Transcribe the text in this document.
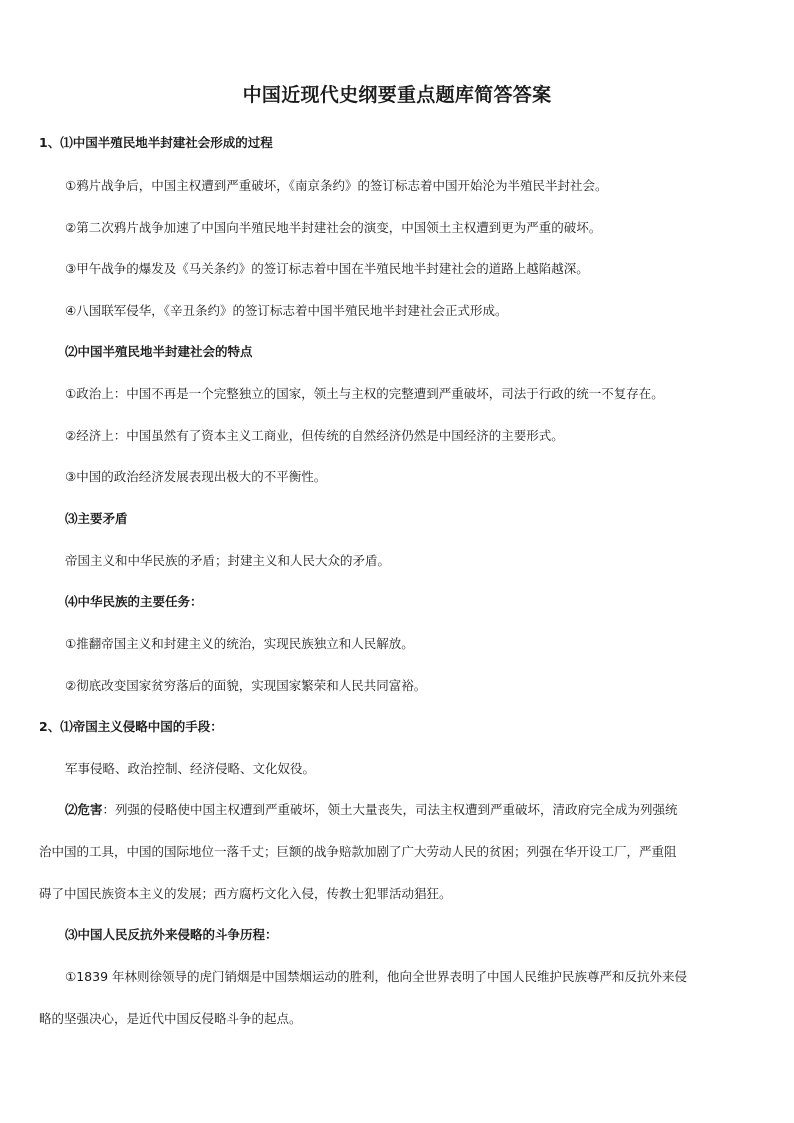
中国近现代史纲要重点题库简答答案
1、⑴中国半殖民地半封建社会形成的过程
①鸦片战争后，中国主权遭到严重破坏，《南京条约》的签订标志着中国开始沦为半殖民半封社会。
②第二次鸦片战争加速了中国向半殖民地半封建社会的演变，中国领土主权遭到更为严重的破坏。
③甲午战争的爆发及《马关条约》的签订标志着中国在半殖民地半封建社会的道路上越陷越深。
④八国联军侵华，《辛丑条约》的签订标志着中国半殖民地半封建社会正式形成。
⑵中国半殖民地半封建社会的特点
①政治上：中国不再是一个完整独立的国家，领土与主权的完整遭到严重破坏，司法于行政的统一不复存在。
②经济上：中国虽然有了资本主义工商业，但传统的自然经济仍然是中国经济的主要形式。
③中国的政治经济发展表现出极大的不平衡性。
⑶主要矛盾
帝国主义和中华民族的矛盾；封建主义和人民大众的矛盾。
⑷中华民族的主要任务：
①推翻帝国主义和封建主义的统治，实现民族独立和人民解放。
②彻底改变国家贫穷落后的面貌，实现国家繁荣和人民共同富裕。
2、⑴帝国主义侵略中国的手段：
军事侵略、政治控制、经济侵略、文化奴役。
⑵危害：列强的侵略使中国主权遭到严重破坏，领土大量丧失，司法主权遭到严重破坏，清政府完全成为列强统
治中国的工具，中国的国际地位一落千丈；巨额的战争赔款加剧了广大劳动人民的贫困；列强在华开设工厂，严重阻
碍了中国民族资本主义的发展；西方腐朽文化入侵，传教士犯罪活动猖狂。
⑶中国人民反抗外来侵略的斗争历程：
①1839 年林则徐领导的虎门销烟是中国禁烟运动的胜利，他向全世界表明了中国人民维护民族尊严和反抗外来侵
略的坚强决心，是近代中国反侵略斗争的起点。
